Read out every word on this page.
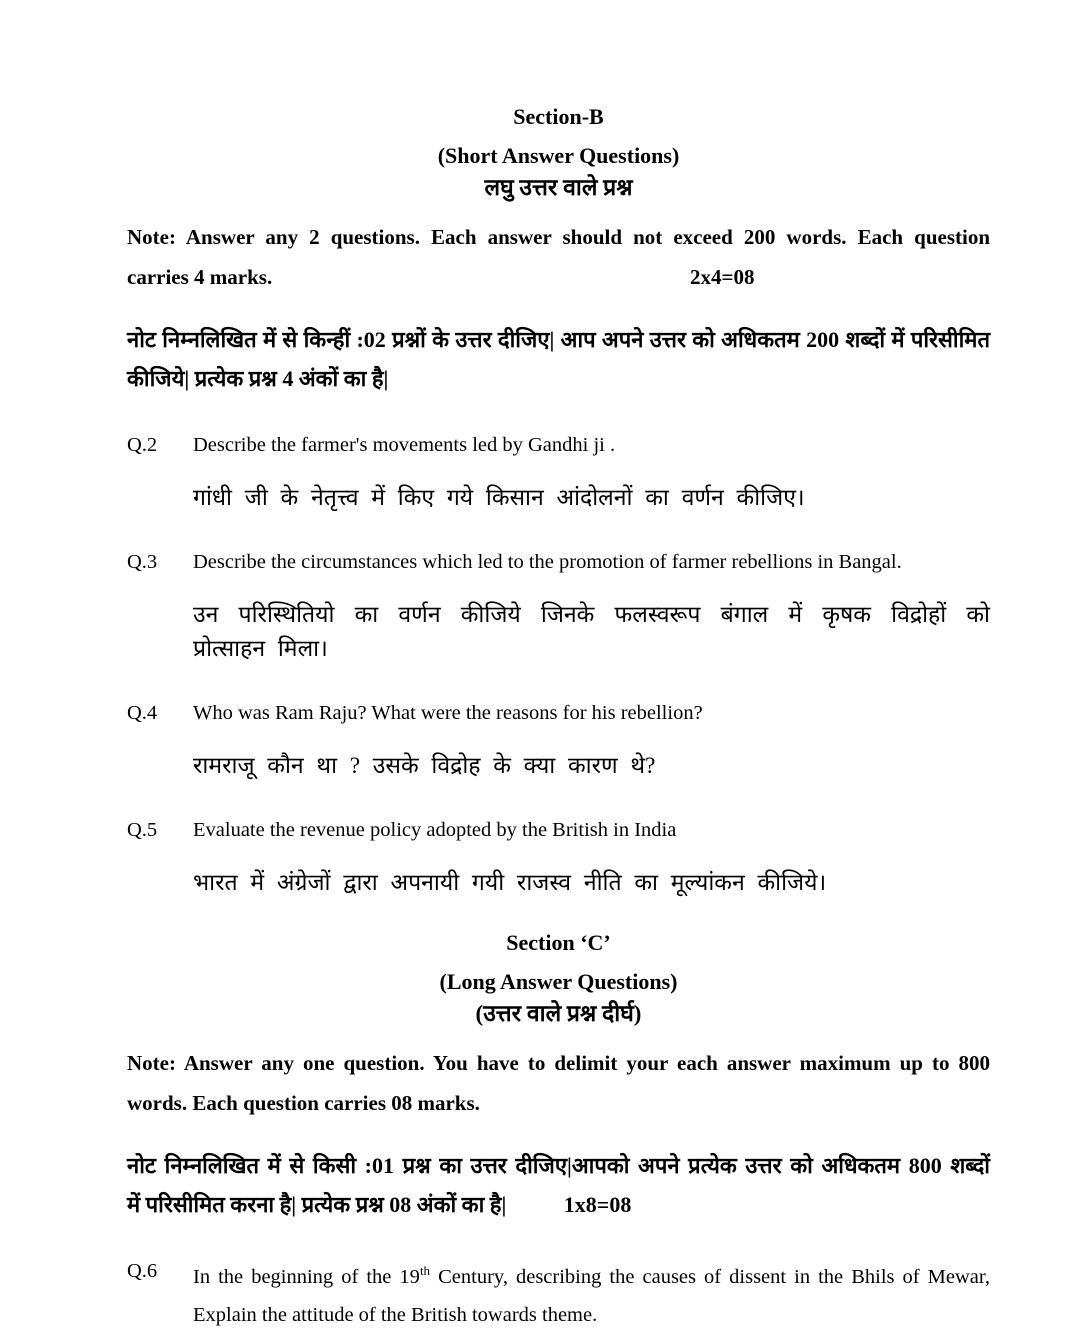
Section-B
(Short Answer Questions)
लघु उत्तर वाले प्रश्न
Note: Answer any 2 questions. Each answer should not exceed 200 words. Each question
carries 4 marks.	2x4=08
नोट निम्नलिखित में से किन्हीं :02 प्रश्नों के उत्तर दीजिए| आप अपने उत्तर को अधिकतम 200 शब्दों में परिसीमित कीजिये| प्रत्येक प्रश्न 4 अंकों का है|
Q.2	Describe the farmer's movements led by Gandhi ji .
गांधी जी के नेतृत्त्व में किए गये किसान आंदोलनों का वर्णन कीजिए।
Q.3	Describe the circumstances which led to the promotion of farmer rebellions in Bangal.
उन परिस्थितियो का वर्णन कीजिये जिनके फलस्वरूप बंगाल में कृषक विद्रोहों को प्रोत्साहन मिला।
Q.4	Who was Ram Raju? What were the reasons for his rebellion?
रामराजू कौन था ? उसके विद्रोह के क्या कारण थे?
Q.5	Evaluate the revenue policy adopted by the British in India
भारत में अंग्रेजों द्वारा अपनायी गयी राजस्व नीति का मूल्यांकन कीजिये।
Section ‘C’
(Long Answer Questions)
(उत्तर वाले प्रश्न दीर्घ)
Note: Answer any one question. You have to delimit your each answer maximum up to 800
words. Each question carries 08 marks.
नोट निम्नलिखित में से किसी :01 प्रश्न का उत्तर दीजिए|आपको अपने प्रत्येक उत्तर को अधिकतम 800 शब्दों
में परिसीमित करना है| प्रत्येक प्रश्न 08 अंकों का है|	1x8=08
Q.6	In the beginning of the 19th Century, describing the causes of dissent in the Bhils of Mewar, Explain the attitude of the British towards theme.
